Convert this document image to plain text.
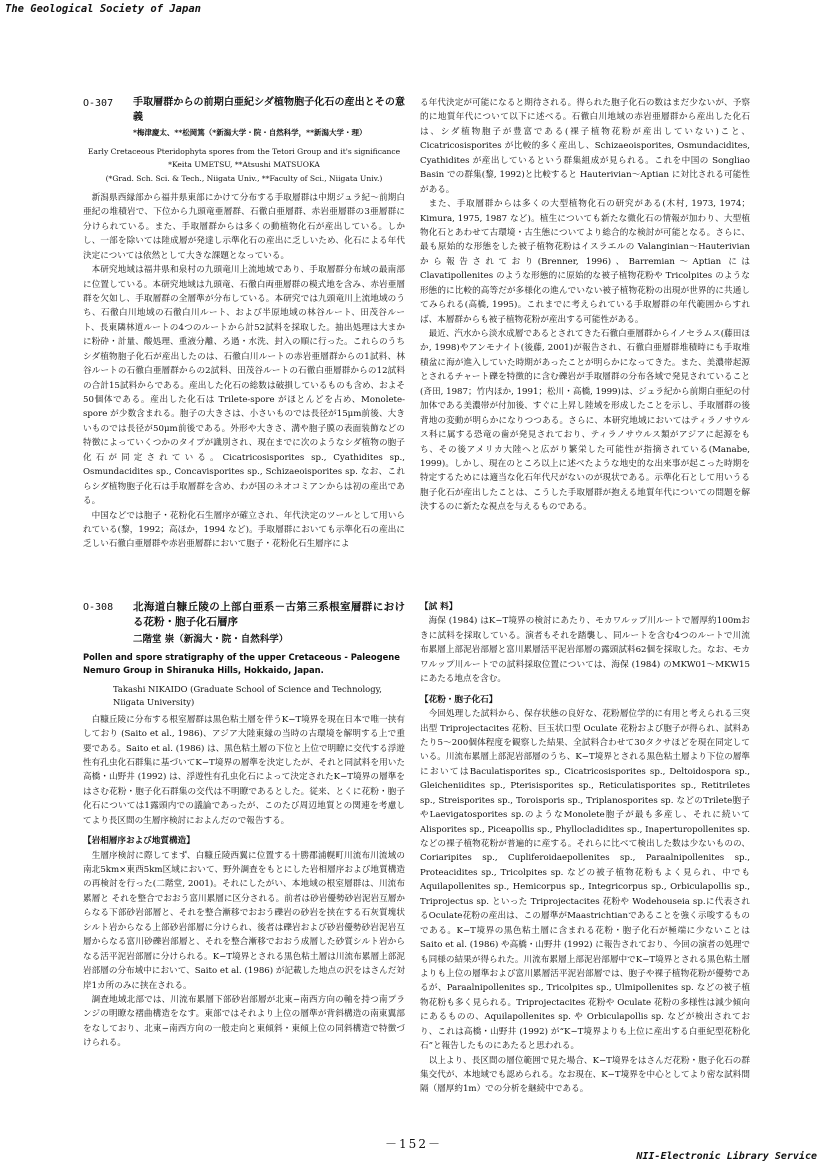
The Geological Society of Japan
O-307	手取層群からの前期白亜紀シダ植物胞子化石の産出とその意義
*梅津慶太、**松岡篤（*新潟大学・院・自然科学，**新潟大学・理）
Early Cretaceous Pteridophyta spores from the Tetori Group and it's significance
*Keita UMETSU, **Atsushi MATSUOKA
(*Grad. Sch. Sci. & Tech., Niigata Univ., **Faculty of Sci., Niigata Univ.)

新潟県西縁部から福井県東部にかけて分布する手取層群は中期ジュラ紀〜前期白亜紀の堆積岩で、下位から九頭竜亜層群、石徹白亜層群、赤岩亜層群の3亜層群に分けられている。また、手取層群からは多くの動植物化石が産出している。しかし、一部を除いては陸成層が発達し示準化石の産出に乏しいため、化石による年代決定については依然として大きな課題となっている。

本研究地域は福井県和泉村の九頭竜川上流地域であり、手取層群分布域の最南部に位置している。本研究地域は九頭竜、石徹白両亜層群の模式地を含み、赤岩亜層群を欠如し、手取層群の全層準が分布している。本研究では九頭竜川上流地域のうち、石徹白川地域の石徹白川ルート、および半原地域の林谷ルート、田茂谷ルート、長東隣林道ルートの4つのルートから計52試料を採取した。抽出処理は大まかに粉砕・計量、酸処理、重液分離、ろ過・水洗、封入の順に行った。これらのうちシダ植物胞子化石が産出したのは、石徹白川ルートの赤岩亜層群からの1試料、林谷ルートの石徹白亜層群からの2試料、田茂谷ルートの石徹白亜層群からの12試料の合計15試料からである。産出した化石の総数は破損しているものも含め、およそ50個体である。産出した化石は Trilete-spore がほとんどを占め、Monolete-spore が少数含まれる。胞子の大きさは、小さいものでは長径が15μm前後、大きいものでは長径が50μm前後である。外形や大きさ、溝や胞子膜の表面装飾などの特徴によっていくつかのタイプが識別され、現在までに次のようなシダ植物の胞子化石が同定されている。Cicatricosisporites sp., Cyathidites sp., Osmundacidites sp., Concavisporites sp., Schizaeoisporites sp. なお、これらシダ植物胞子化石は手取層群を含め、わが国のネオコミアンからは初の産出である。

中国などでは胞子・花粉化石生層序が確立され、年代決定のツールとして用いられている(黎，1992；高ほか，1994 など)。手取層群においても示準化石の産出に乏しい石徹白亜層群や赤岩亜層群において胞子・花粉化石生層序によ

る年代決定が可能になると期待される。得られた胞子化石の数はまだ少ないが、予察的に地質年代について以下に述べる。石徹白川地域の赤岩亜層群から産出した化石は、シダ植物胞子が豊富である(裸子植物花粉が産出していない)こと、Cicatricosisporites が比較的多く産出し、Schizaeoisporites, Osmundacidites, Cyathidites が産出しているという群集組成が見られる。これを中国の Songliao Basin での群集(黎, 1992)と比較すると Hauterivian〜Aptian に対比される可能性がある。

また、手取層群からは多くの大型植物化石の研究がある(木村, 1973, 1974；Kimura, 1975, 1987 など)。植生についても新たな微化石の情報が加わり、大型植物化石とあわせて古環境・古生態についてより総合的な検討が可能となる。さらに、最も原始的な形態をした被子植物花粉はイスラエルの Valanginian〜Hauterivian から報告されており(Brenner, 1996)、Barremian〜Aptian には Clavatipollenites のような形態的に原始的な被子植物花粉や Tricolpites のような形態的に比較的高等だが多様化の進んでいない被子植物花粉の出現が世界的に共通してみられる(高橋, 1995)。これまでに考えられている手取層群の年代範囲からすれば、本層群からも被子植物花粉が産出する可能性がある。

最近、汽水から淡水成層であるとされてきた石徹白亜層群からイノセラムス(藤田ほか, 1998)やアンモナイト(後藤, 2001)が報告され、石徹白亜層群堆積時にも手取堆積盆に海が進入していた時期があったことが明らかになってきた。また、美濃帯起源とされるチャート礫を特徴的に含む礫岩が手取層群の分布各域で発見されていること(斉田, 1987；竹内ほか, 1991；松川・高橋, 1999)は、ジュラ紀から前期白亜紀の付加体である美濃帯が付加後、すぐに上昇し陸域を形成したことを示し、手取層群の後背地の変動が明らかになりつつある。さらに、本研究地域においてはティラノサウルス科に属する恐竜の歯が発見されており、ティラノサウルス類がアジアに起源をもち、その後アメリカ大陸へと広がり繁栄した可能性が指摘されている(Manabe, 1999)。しかし、現在のところ以上に述べたような地史的な出来事が起こった時期を特定するためには適当な化石年代尺がないのが現状である。示準化石として用いうる胞子化石が産出したことは、こうした手取層群が抱える地質年代についての問題を解決するのに新たな視点を与えるものである。

O-308	北海道白糠丘陵の上部白亜系－古第三系根室層群における花粉・胞子化石層序
二階堂 崇（新潟大・院・自然科学）
Pollen and spore stratigraphy of the upper Cretaceous - Paleogene Nemuro Group in Shiranuka Hills, Hokkaido, Japan.
Takashi NIKAIDO (Graduate School of Science and Technology, Niigata University)

白糠丘陵に分布する根室層群は黒色粘土層を伴うK−T境界を現在日本で唯一挟有しており (Saito et al., 1986)、アジア大陸東縁の当時の古環境を解明する上で重要である。Saito et al. (1986) は、黒色粘土層の下位と上位で明瞭に交代する浮遊性有孔虫化石群集に基づいてK−T境界の層準を決定したが、それと同試料を用いた高橋・山野井 (1992) は、浮遊性有孔虫化石によって決定されたK−T境界の層準をはさむ花粉・胞子化石群集の交代は不明瞭であるとした。従来、とくに花粉・胞子化石については1露頭内での議論であったが、このたび周辺地質との関連を考慮してより長区間の生層序検討におよんだので報告する。

【岩相層序および地質構造】

生層序検討に際してまず、白糠丘陵西翼に位置する十勝郡浦幌町川流布川流域の南北5km×東西5km区域において、野外調査をもとにした岩相層序および地質構造の再検討を行った(二階堂, 2001)。それにしたがい、本地域の根室層群は、川流布累層と それを整合でおおう富川累層に区分される。前者は砂岩優勢砂岩泥岩互層からなる下部砂岩部層と、それを整合漸移でおおう礫岩の砂岩を挟在する石灰質塊状シルト岩からなる上部砂岩部層に分けられ、後者は礫岩および砂岩優勢砂岩泥岩互層からなる富川砂礫岩部層と、それを整合漸移でおおう成層した砂質シルト岩からなる活平泥岩部層に分けられる。K−T境界とされる黒色粘土層は川流布累層上部泥岩部層の分布域中において、Saito et al. (1986) が記載した地点の沢をはさんだ対岸1カ所のみに挟在される。

調査地域北部では、川流布累層下部砂岩部層が北東−南西方向の軸を持つ南プランジの明瞭な褶曲構造をなす。東部ではそれより上位の層準が背斜構造の南東翼部をなしており、北東−南西方向の一般走向と東傾斜・東傾上位の同斜構造で特徴づけられる。

【試 料】

海保 (1984) はK−T境界の検討にあたり、モカワルップ川ルートで層厚約100mおきに試料を採取している。演者もそれを踏襲し、同ルートを含む4つのルートで川流布累層上部泥岩部層と富川累層活平泥岩部層の露頭試料62個を採取した。なお、モカワルップ川ルートでの試料採取位置については、海保 (1984) のMKW01〜MKW15にあたる地点を含む。

【花粉・胞子化石】

今回処理した試料から、保存状態の良好な、花粉層位学的に有用と考えられる三突出型 Triprojectacites 花粉、巨玉状口型 Oculate 花粉および胞子が得られ、試料あたり5〜200個体程度を観察した結果、全試料合わせて30タクサほどを現在同定している。川流布累層上部泥岩部層のうち、K−T境界とされる黒色粘土層より下位の層準においてはBaculatisporites sp., Cicatricosisporites sp., Deltoidospora sp., Gleicheniidites sp., Pterisisporites sp., Reticulatisporites sp., Retitriletes sp., Streisporites sp., Toroisporis sp., Triplanosporites sp. などのTrilete胞子やLaevigatosporites sp.のようなMonolete胞子が最も多産し、それに続いて Alisporites sp., Piceapollis sp., Phyllocladidites sp., Inaperturopollenites sp.などの裸子植物花粉が普遍的に産する。それらに比べて検出した数は少ないものの、Coriaripites sp., Cupliferoidaepollenites sp., Paraalnipollenites sp., Proteacidites sp., Tricolpites sp. などの被子植物花粉もよく見られ、中でもAquilapollenites sp., Hemicorpus sp., Integricorpus sp., Orbiculapollis sp., Triprojectus sp. といった Triprojectacites 花粉や Wodehouseia sp.に代表されるOculate花粉の産出は、この層準がMaastrichtianであることを強く示唆するものである。K−T境界の黒色粘土層に含まれる花粉・胞子化石が極端に少ないことはSaito et al. (1986) や高橋・山野井 (1992) に報告されており、今回の演者の処理でも同様の結果が得られた。川流布累層上部泥岩部層中でK−T境界とされる黒色粘土層よりも上位の層準および富川累層活平泥岩部層では、胞子や裸子植物花粉が優勢であるが、Paraalnipollenites sp., Tricolpites sp., Ulmipollenites sp. などの被子植物花粉も多く見られる。Triprojectacites 花粉や Oculate 花粉の多様性は減少傾向にあるものの、Aquilapollenites sp. や Orbiculapollis sp. などが検出されており、これは高橋・山野井 (1992) が“K−T境界よりも上位に産出する白亜紀型花粉化石”と報告したものにあたると思われる。

以上より、長区間の層位範囲で見た場合、K−T境界をはさんだ花粉・胞子化石の群集交代が、本地域でも認められる。なお現在、K−T境界を中心としてより密な試料間隔（層厚約1m）での分析を継続中である。

－152－
NII-Electronic Library Service
